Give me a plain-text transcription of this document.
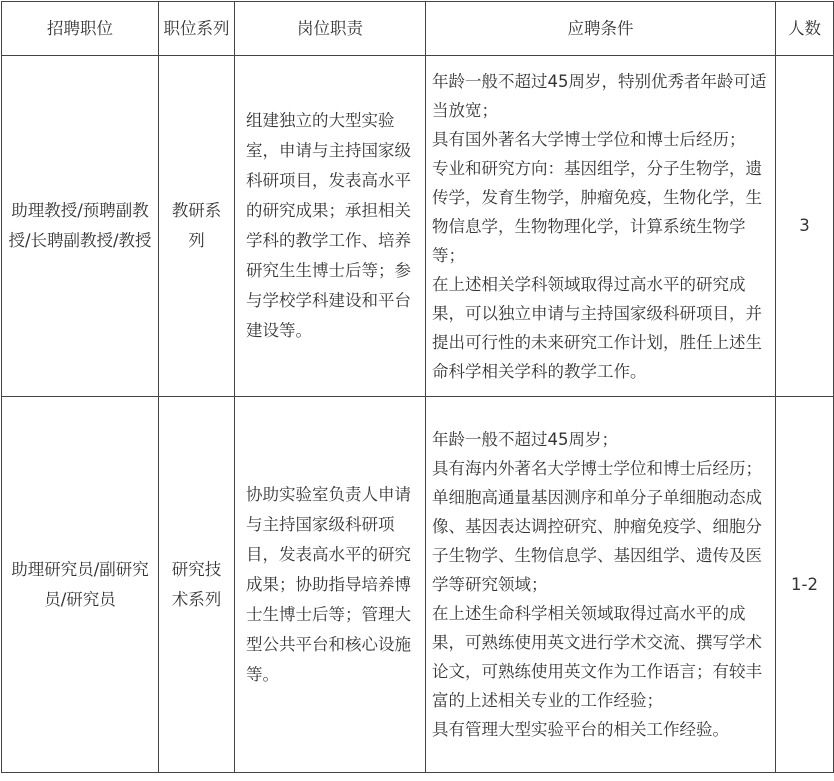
招聘职位	职位系列	岗位职责	应聘条件	人数
助理教授/预聘副教授/长聘副教授/教授	教研系列	组建独立的大型实验室，申请与主持国家级科研项目，发表高水平的研究成果；承担相关学科的教学工作、培养研究生生博士后等；参与学校学科建设和平台建设等。	年龄一般不超过45周岁，特别优秀者年龄可适当放宽；
具有国外著名大学博士学位和博士后经历；
专业和研究方向：基因组学，分子生物学，遗传学，发育生物学，肿瘤免疫，生物化学，生物信息学，生物物理化学，计算系统生物学等；
在上述相关学科领域取得过高水平的研究成果，可以独立申请与主持国家级科研项目，并提出可行性的未来研究工作计划，胜任上述生命科学相关学科的教学工作。	3
助理研究员/副研究员/研究员	研究技术系列	协助实验室负责人申请与主持国家级科研项目，发表高水平的研究成果；协助指导培养博士生博士后等；管理大型公共平台和核心设施等。	年龄一般不超过45周岁；
具有海内外著名大学博士学位和博士后经历；
单细胞高通量基因测序和单分子单细胞动态成像、基因表达调控研究、肿瘤免疫学、细胞分子生物学、生物信息学、基因组学、遗传及医学等研究领域；
在上述生命科学相关领域取得过高水平的成果，可熟练使用英文进行学术交流、撰写学术论文，可熟练使用英文作为工作语言；有较丰富的上述相关专业的工作经验；
具有管理大型实验平台的相关工作经验。	1-2
